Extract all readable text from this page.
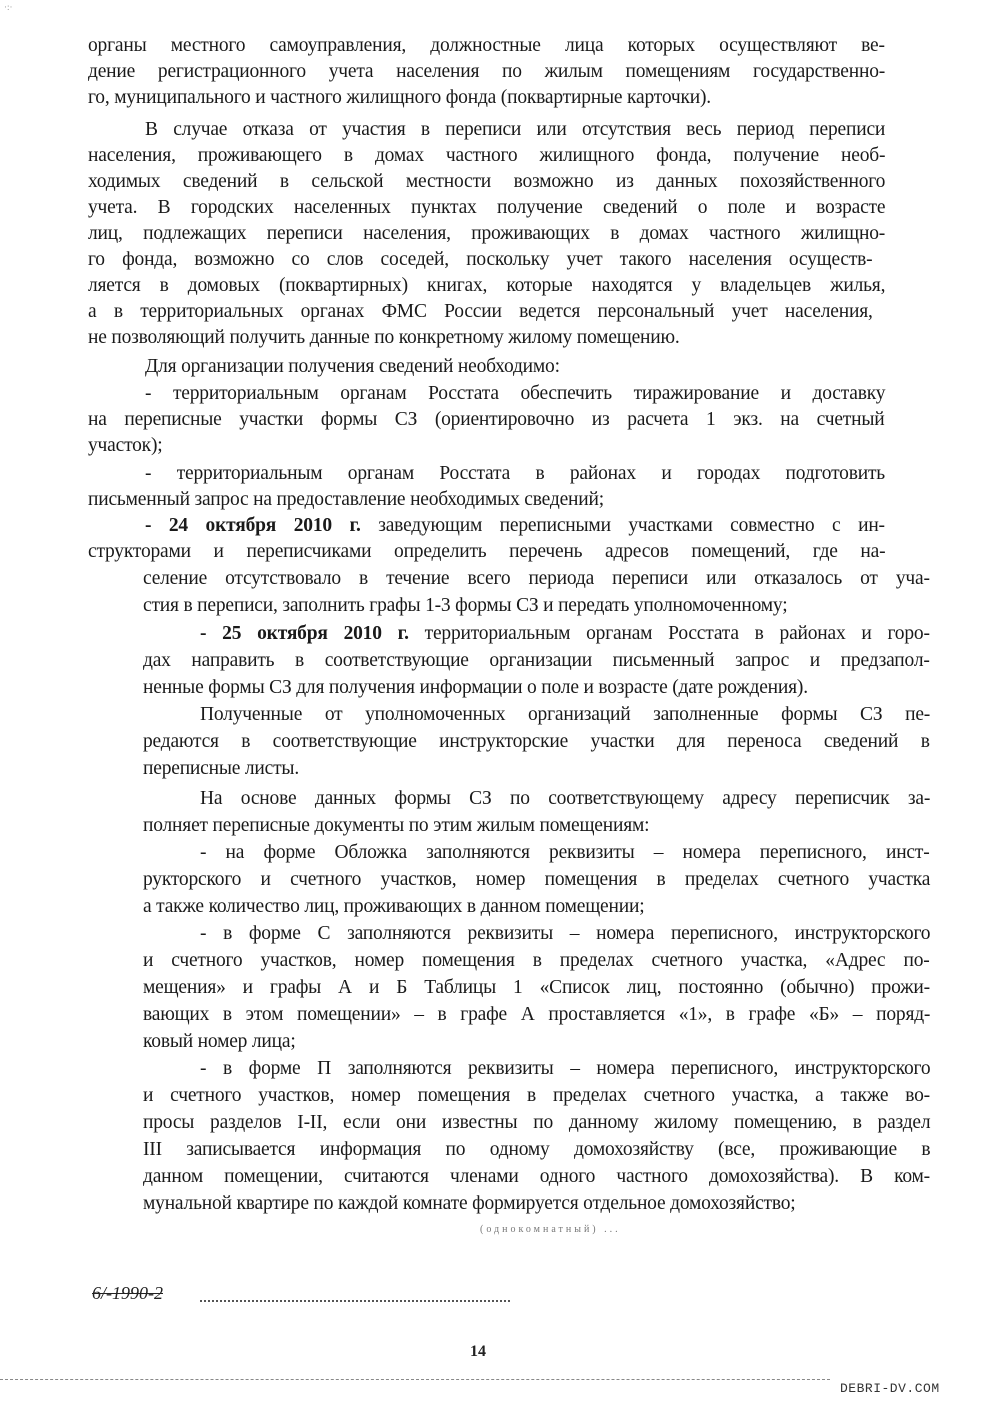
·:·
органы местного самоуправления, должностные лица которых осуществляют ве-
дение регистрационного учета населения по жилым помещениям государственно-
го, муниципального и частного жилищного фонда (поквартирные карточки).
В случае отказа от участия в переписи или отсутствия весь период переписи
населения, проживающего в домах частного жилищного фонда, получение необ-
ходимых сведений в сельской местности возможно из данных похозяйственного
учета. В городских населенных пунктах получение сведений о поле и возрасте
лиц, подлежащих переписи населения, проживающих в домах частного жилищно-
го фонда, возможно со слов соседей, поскольку учет такого населения осуществ-
ляется в домовых (поквартирных) книгах, которые находятся у владельцев жилья,
а в территориальных органах ФМС России ведется персональный учет населения,
не позволяющий получить данные по конкретному жилому помещению.
Для организации получения сведений необходимо:
- территориальным органам Росстата обеспечить тиражирование и доставку
на переписные участки формы СЗ (ориентировочно из расчета 1 экз. на счетный
участок);
- территориальным органам Росстата в районах и городах подготовить
письменный запрос на предоставление необходимых сведений;
- 24 октября 2010 г. заведующим переписными участками совместно с ин-
структорами и переписчиками определить перечень адресов помещений, где на-
селение отсутствовало в течение всего периода переписи или отказалось от уча-
стия в переписи, заполнить графы 1-3 формы СЗ и передать уполномоченному;
- 25 октября 2010 г. территориальным органам Росстата в районах и горо-
дах направить в соответствующие организации письменный запрос и предзапол-
ненные формы СЗ для получения информации о поле и возрасте (дате рождения).
Полученные от уполномоченных организаций заполненные формы СЗ пе-
редаются в соответствующие инструкторские участки для переноса сведений в
переписные листы.
На основе данных формы СЗ по соответствующему адресу переписчик за-
полняет переписные документы по этим жилым помещениям:
- на форме Обложка заполняются реквизиты – номера переписного, инст-
рукторского и счетного участков, номер помещения в пределах счетного участка
а также количество лиц, проживающих в данном помещении;
- в форме С заполняются реквизиты – номера переписного, инструкторского
и счетного участков, номер помещения в пределах счетного участка, «Адрес по-
мещения» и графы А и Б Таблицы 1 «Список лиц, постоянно (обычно) прожи-
вающих в этом помещении» – в графе А проставляется «1», в графе «Б» – поряд-
ковый номер лица;
- в форме П заполняются реквизиты – номера переписного, инструкторского
и счетного участков, номер помещения в пределах счетного участка, а также во-
просы разделов I-II, если они известны по данному жилому помещению, в раздел
III записывается информация по одному домохозяйству (все, проживающие в
данном помещении, считаются членами одного частного домохозяйства). В ком-
мунальной квартире по каждой комнате формируется отдельное домохозяйство;
(однокомнатный) ...
6/-1990-2
14
DEBRI-DV.COM
